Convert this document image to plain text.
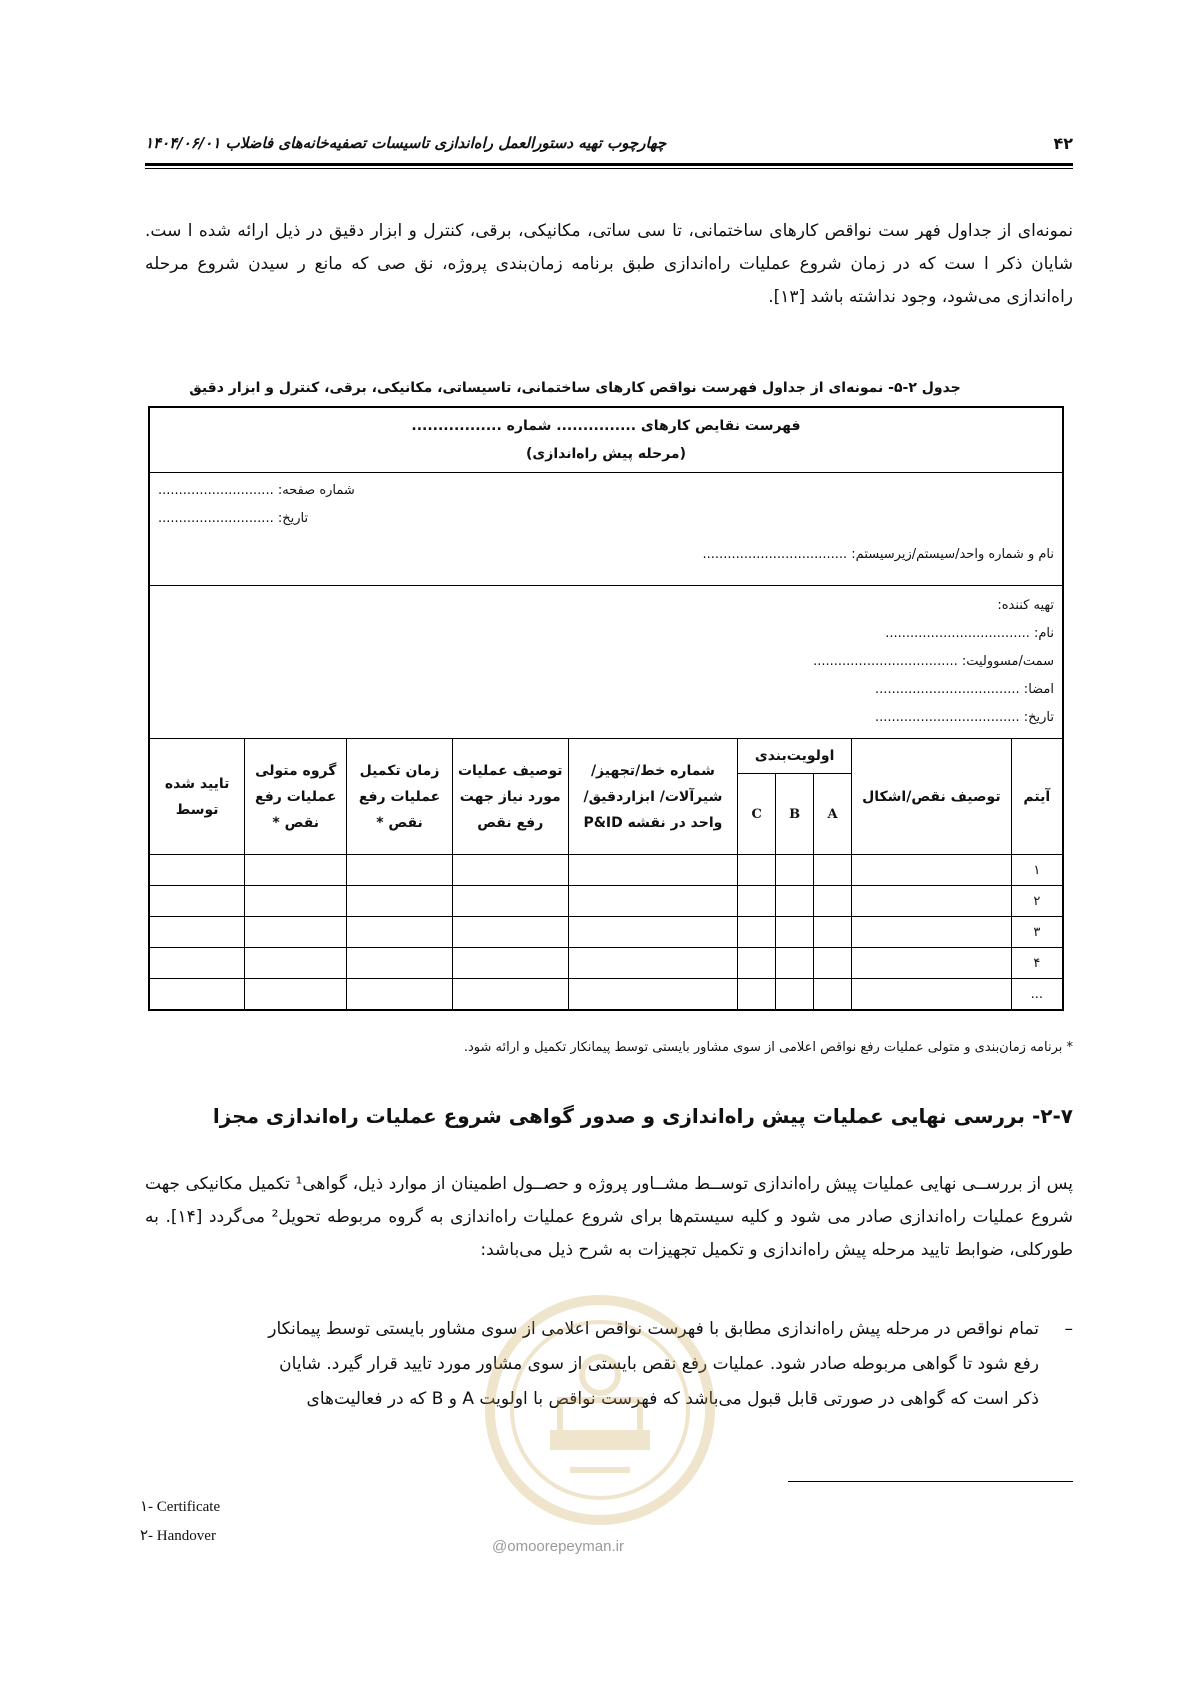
۴۲
چهارچوب تهیه دستورالعمل راه‌اندازی تاسیسات تصفیه‌خانه‌های فاضلاب ۱۴۰۴/۰۶/۰۱
نمونه‌ای از جداول فهر ست نواقص کارهای ساختمانی، تا سی ساتی، مکانیکی، برقی، کنترل و ابزار دقیق در ذیل ارائه شده ا ست. شایان ذکر ا ست که در زمان شروع عملیات راه‌اندازی طبق برنامه زمان‌بندی پروژه، نق صی که مانع ر سیدن شروع مرحله راه‌اندازی می‌شود، وجود نداشته باشد [۱۳].
جدول ۲-۵- نمونه‌ای از جداول فهرست نواقص کارهای ساختمانی، تاسیساتی، مکانیکی، برقی، کنترل و ابزار دقیق
فهرست نقایص کارهای ............... شماره .................
(مرحله پیش راه‌اندازی)									

شماره صفحه: ............................
تاریخ: ............................
نام و شماره واحد/سیستم/زیرسیستم: ...................................									

تهیه کننده:
نام: ...................................
سمت/مسوولیت: ...................................
امضا: ...................................
تاریخ: ...................................									

آیتم	توصیف نقص/اشکال	اولویت‌بندی			شماره خط/تجهیز/شیرآلات/ ابزاردقیق/واحد در نقشه P&ID	توصیف عملیات مورد نیاز جهت رفع نقص	زمان تکمیل عملیات رفع نقص *	گروه متولی عملیات رفع نقص *	تایید شده توسط
		A	B	C					
۱									
۲									
۳									
۴									
...									
* برنامه زمان‌بندی و متولی عملیات رفع نواقص اعلامی از سوی مشاور بایستی توسط پیمانکار تکمیل و ارائه شود.
۲-۷- بررسی نهایی عملیات پیش راه‌اندازی و صدور گواهی شروع عملیات راه‌اندازی مجزا
پس از بررســی نهایی عملیات پیش راه‌اندازی توســط مشــاور پروژه و حصــول اطمینان از موارد ذیل، گواهی¹ تکمیل مکانیکی جهت شروع عملیات راه‌اندازی صادر می شود و کلیه سیستم‌ها برای شروع عملیات راه‌اندازی به گروه مربوطه تحویل² می‌گردد [۱۴]. به طورکلی، ضوابط تایید مرحله پیش راه‌اندازی و تکمیل تجهیزات به شرح ذیل می‌باشد:
–تمام نواقص در مرحله پیش راه‌اندازی مطابق با فهرست نواقص اعلامی از سوی مشاور بایستی توسط پیمانکار
رفع شود تا گواهی مربوطه صادر شود. عملیات رفع نقص بایستی از سوی مشاور مورد تایید قرار گیرد. شایان
ذکر است که گواهی در صورتی قابل قبول می‌باشد که فهرست نواقص با اولویت A و B که در فعالیت‌های
@omoorepeyman.ir
۱- Certificate
۲- Handover
